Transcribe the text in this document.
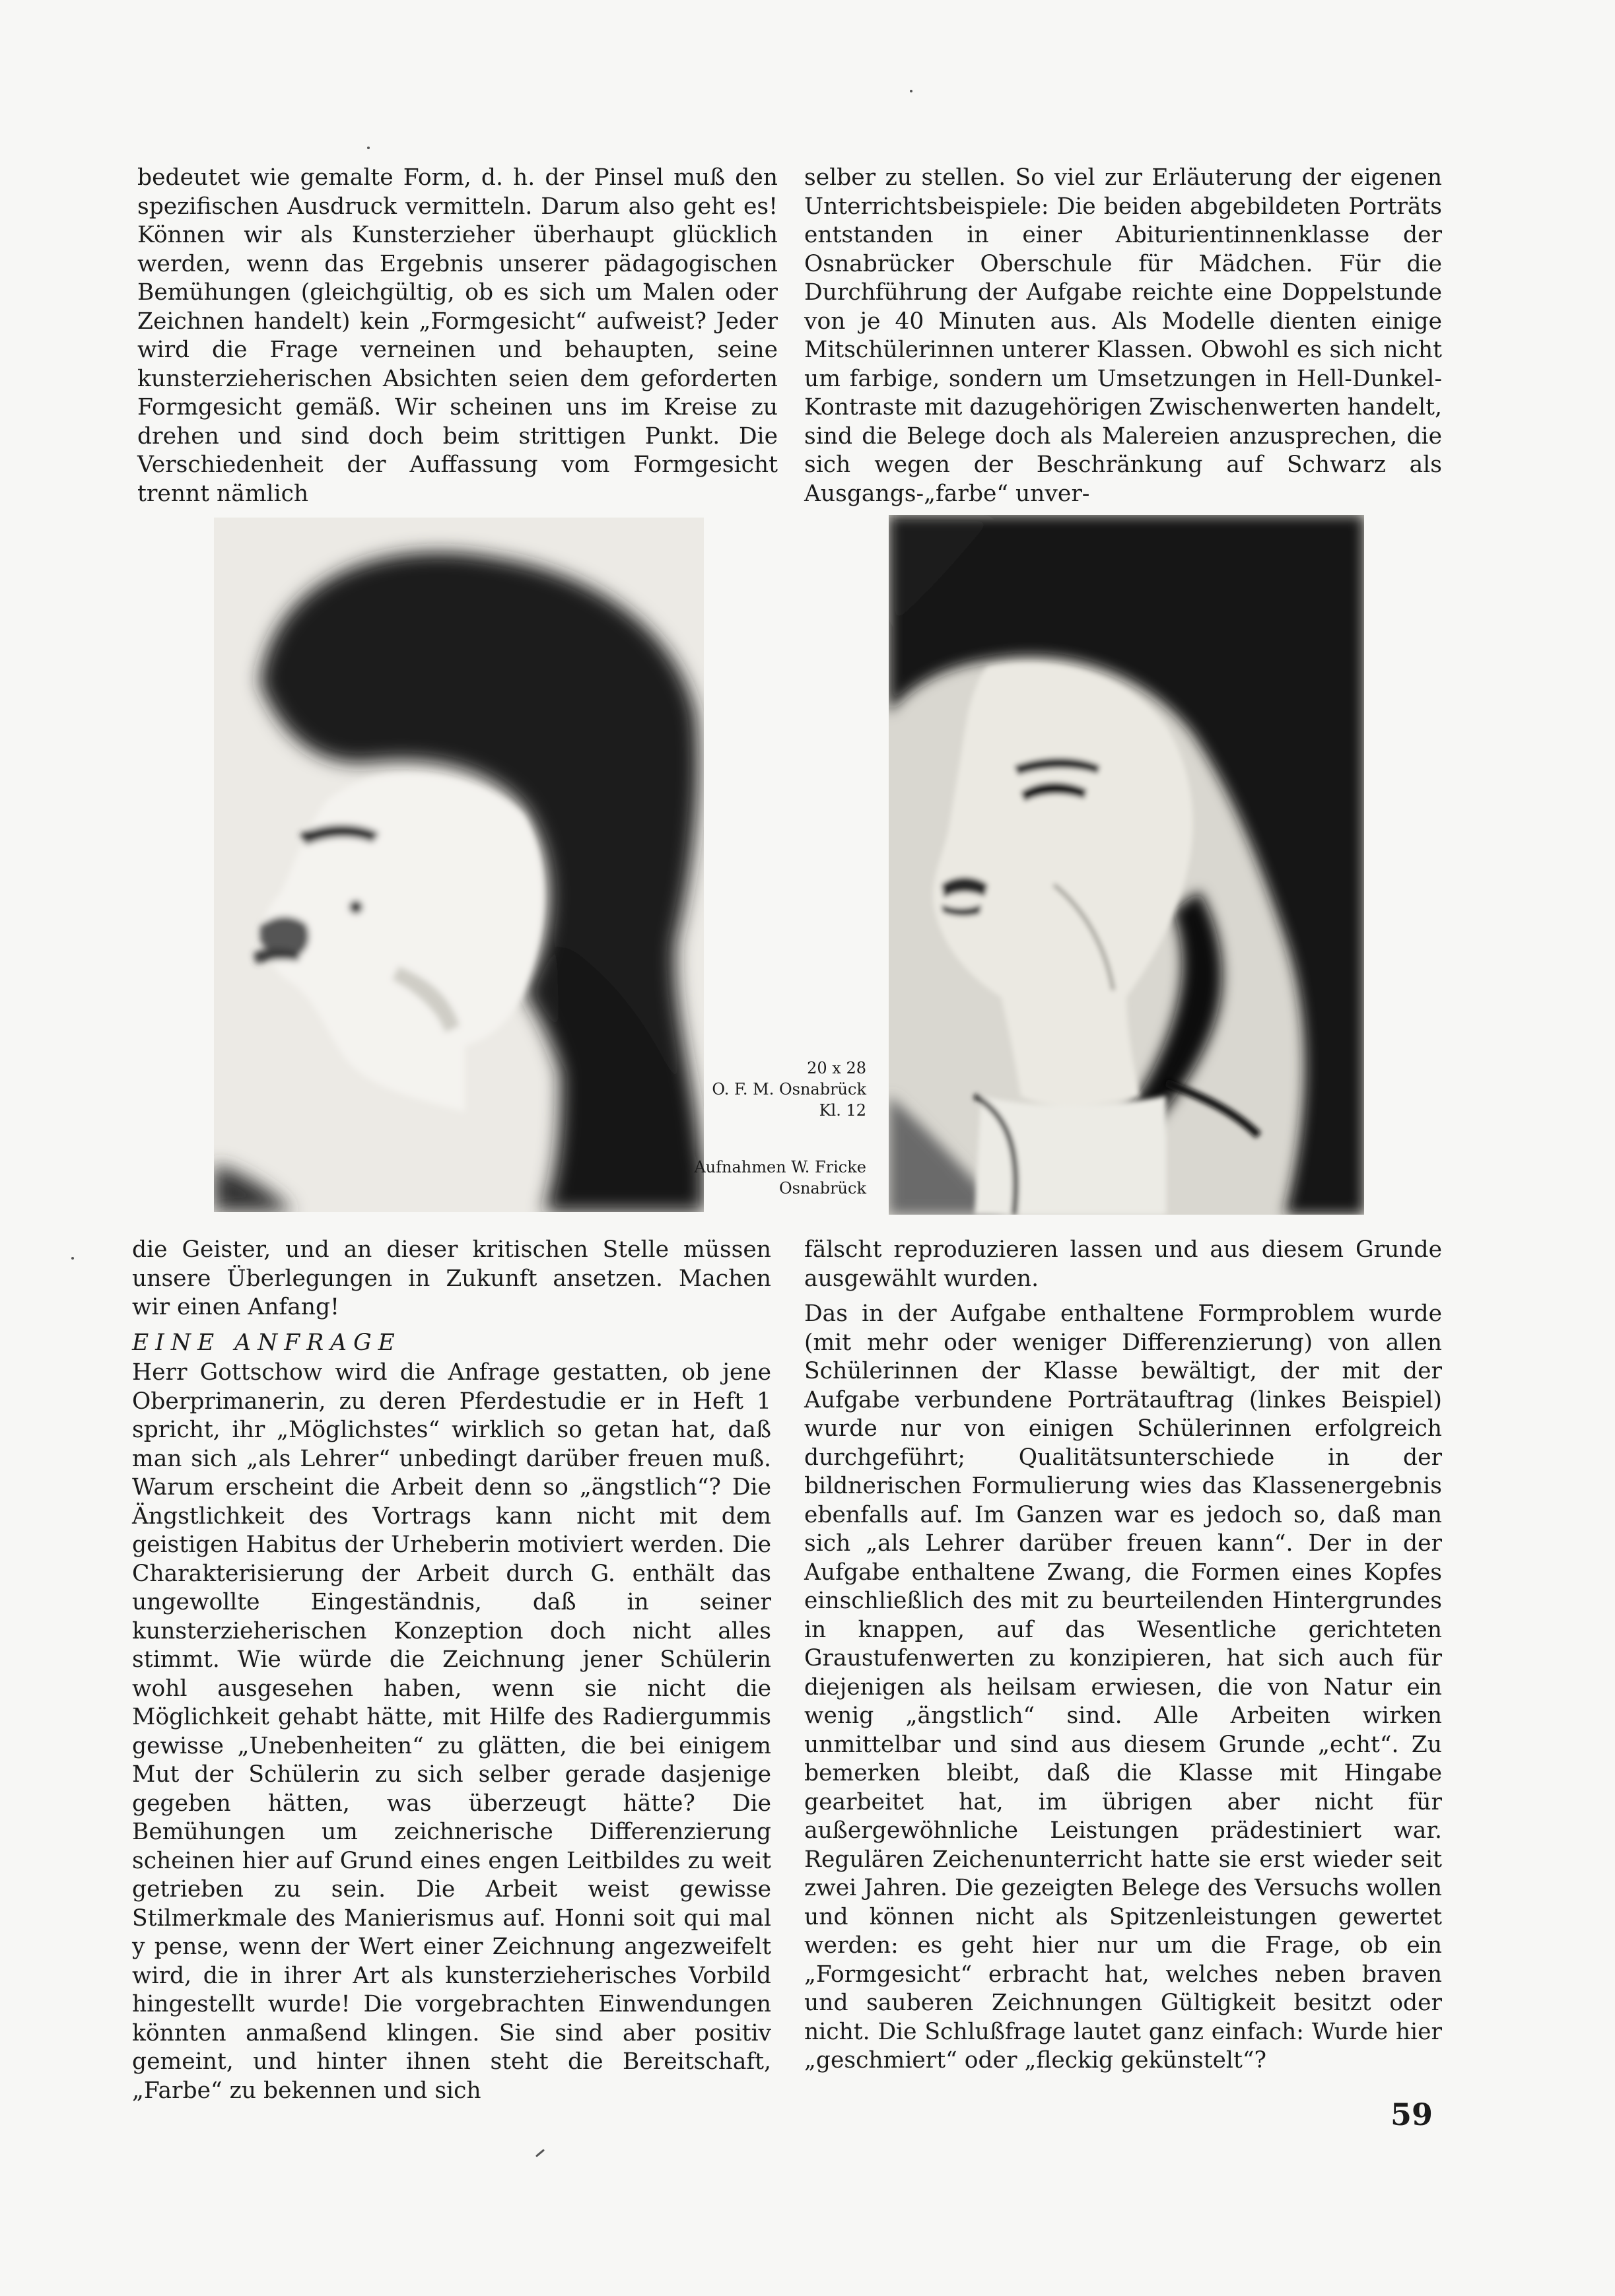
bedeutet wie gemalte Form, d. h. der Pinsel muß den spezifischen Ausdruck vermitteln. Darum also geht es! Können wir als Kunsterzieher überhaupt glücklich werden, wenn das Ergebnis unserer pädagogischen Bemühungen (gleichgültig, ob es sich um Malen oder Zeichnen handelt) kein „Formgesicht“ aufweist? Jeder wird die Frage verneinen und behaupten, seine kunsterzieherischen Absichten seien dem geforderten Formgesicht gemäß. Wir scheinen uns im Kreise zu drehen und sind doch beim strittigen Punkt. Die Verschiedenheit der Auffassung vom Formgesicht trennt nämlich

selber zu stellen. So viel zur Erläuterung der eigenen Unterrichtsbeispiele: Die beiden abgebildeten Porträts entstanden in einer Abiturientinnenklasse der Osnabrücker Oberschule für Mädchen. Für die Durchführung der Aufgabe reichte eine Doppelstunde von je 40 Minuten aus. Als Modelle dienten einige Mitschülerinnen unterer Klassen. Obwohl es sich nicht um farbige, sondern um Umsetzungen in Hell-Dunkel-Kontraste mit dazugehörigen Zwischenwerten handelt, sind die Belege doch als Malereien anzusprechen, die sich wegen der Beschränkung auf Schwarz als Ausgangs-„farbe“ unver-

20 x 28
O. F. M. Osnabrück
Kl. 12
Aufnahmen W. Fricke
Osnabrück

die Geister, und an dieser kritischen Stelle müssen unsere Überlegungen in Zukunft ansetzen. Machen wir einen Anfang!

EINE ANFRAGE

Herr Gottschow wird die Anfrage gestatten, ob jene Oberprimanerin, zu deren Pferdestudie er in Heft 1 spricht, ihr „Möglichstes“ wirklich so getan hat, daß man sich „als Lehrer“ unbedingt darüber freuen muß. Warum erscheint die Arbeit denn so „ängstlich“? Die Ängstlichkeit des Vortrags kann nicht mit dem geistigen Habitus der Urheberin motiviert werden. Die Charakterisierung der Arbeit durch G. enthält das ungewollte Eingeständnis, daß in seiner kunsterzieherischen Konzeption doch nicht alles stimmt. Wie würde die Zeichnung jener Schülerin wohl ausgesehen haben, wenn sie nicht die Möglichkeit gehabt hätte, mit Hilfe des Radiergummis gewisse „Unebenheiten“ zu glätten, die bei einigem Mut der Schülerin zu sich selber gerade dasjenige gegeben hätten, was überzeugt hätte? Die Bemühungen um zeichnerische Differenzierung scheinen hier auf Grund eines engen Leitbildes zu weit getrieben zu sein. Die Arbeit weist gewisse Stilmerkmale des Manierismus auf. Honni soit qui mal y pense, wenn der Wert einer Zeichnung angezweifelt wird, die in ihrer Art als kunsterzieherisches Vorbild hingestellt wurde! Die vorgebrachten Einwendungen könnten anmaßend klingen. Sie sind aber positiv gemeint, und hinter ihnen steht die Bereitschaft, „Farbe“ zu bekennen und sich

fälscht reproduzieren lassen und aus diesem Grunde ausgewählt wurden.

Das in der Aufgabe enthaltene Formproblem wurde (mit mehr oder weniger Differenzierung) von allen Schülerinnen der Klasse bewältigt, der mit der Aufgabe verbundene Porträtauftrag (linkes Beispiel) wurde nur von einigen Schülerinnen erfolgreich durchgeführt; Qualitätsunterschiede in der bildnerischen Formulierung wies das Klassenergebnis ebenfalls auf. Im Ganzen war es jedoch so, daß man sich „als Lehrer darüber freuen kann“. Der in der Aufgabe enthaltene Zwang, die Formen eines Kopfes einschließlich des mit zu beurteilenden Hintergrundes in knappen, auf das Wesentliche gerichteten Graustufenwerten zu konzipieren, hat sich auch für diejenigen als heilsam erwiesen, die von Natur ein wenig „ängstlich“ sind. Alle Arbeiten wirken unmittelbar und sind aus diesem Grunde „echt“. Zu bemerken bleibt, daß die Klasse mit Hingabe gearbeitet hat, im übrigen aber nicht für außergewöhnliche Leistungen prädestiniert war. Regulären Zeichenunterricht hatte sie erst wieder seit zwei Jahren. Die gezeigten Belege des Versuchs wollen und können nicht als Spitzenleistungen gewertet werden: es geht hier nur um die Frage, ob ein „Formgesicht“ erbracht hat, welches neben braven und sauberen Zeichnungen Gültigkeit besitzt oder nicht. Die Schlußfrage lautet ganz einfach: Wurde hier „geschmiert“ oder „fleckig gekünstelt“?

59
